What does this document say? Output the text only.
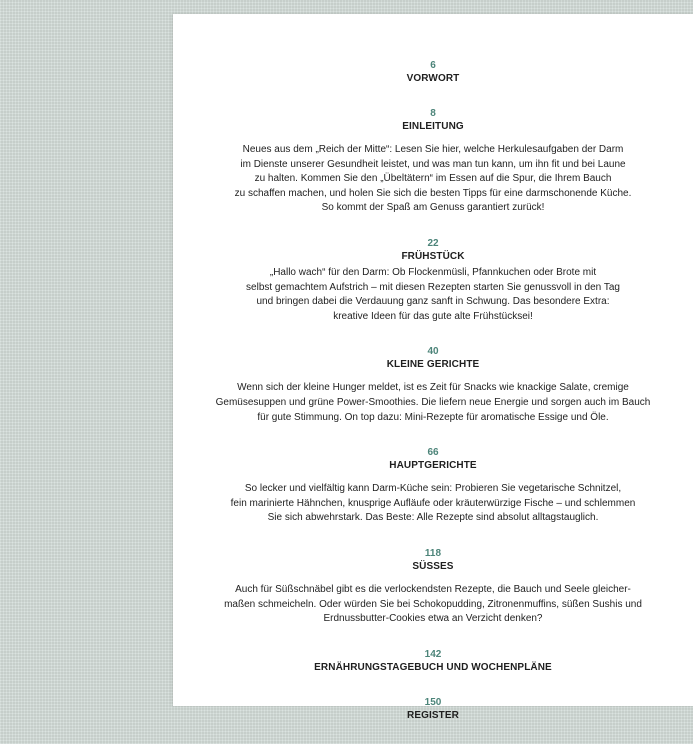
6
VORWORT
8
EINLEITUNG
Neues aus dem „Reich der Mitte“: Lesen Sie hier, welche Herkulesaufgaben der Darm
im Dienste unserer Gesundheit leistet, und was man tun kann, um ihn fit und bei Laune
zu halten. Kommen Sie den „Übeltätern“ im Essen auf die Spur, die Ihrem Bauch
zu schaffen machen, und holen Sie sich die besten Tipps für eine darmschonende Küche.
So kommt der Spaß am Genuss garantiert zurück!
22
FRÜHSTÜCK
„Hallo wach“ für den Darm: Ob Flockenmüsli, Pfannkuchen oder Brote mit
selbst gemachtem Aufstrich – mit diesen Rezepten starten Sie genussvoll in den Tag
und bringen dabei die Verdauung ganz sanft in Schwung. Das besondere Extra:
kreative Ideen für das gute alte Frühstücksei!
40
KLEINE GERICHTE
Wenn sich der kleine Hunger meldet, ist es Zeit für Snacks wie knackige Salate, cremige
Gemüsesuppen und grüne Power-Smoothies. Die liefern neue Energie und sorgen auch im Bauch
für gute Stimmung. On top dazu: Mini-Rezepte für aromatische Essige und Öle.
66
HAUPTGERICHTE
So lecker und vielfältig kann Darm-Küche sein: Probieren Sie vegetarische Schnitzel,
fein marinierte Hähnchen, knusprige Aufläufe oder kräuterwürzige Fische – und schlemmen
Sie sich abwehrstark. Das Beste: Alle Rezepte sind absolut alltagstauglich.
118
SÜSSES
Auch für Süßschnäbel gibt es die verlockendsten Rezepte, die Bauch und Seele gleicher-
maßen schmeicheln. Oder würden Sie bei Schokopudding, Zitronenmuffins, süßen Sushis und
Erdnussbutter-Cookies etwa an Verzicht denken?
142
ERNÄHRUNGSTAGEBUCH UND WOCHENPLÄNE
150
REGISTER
